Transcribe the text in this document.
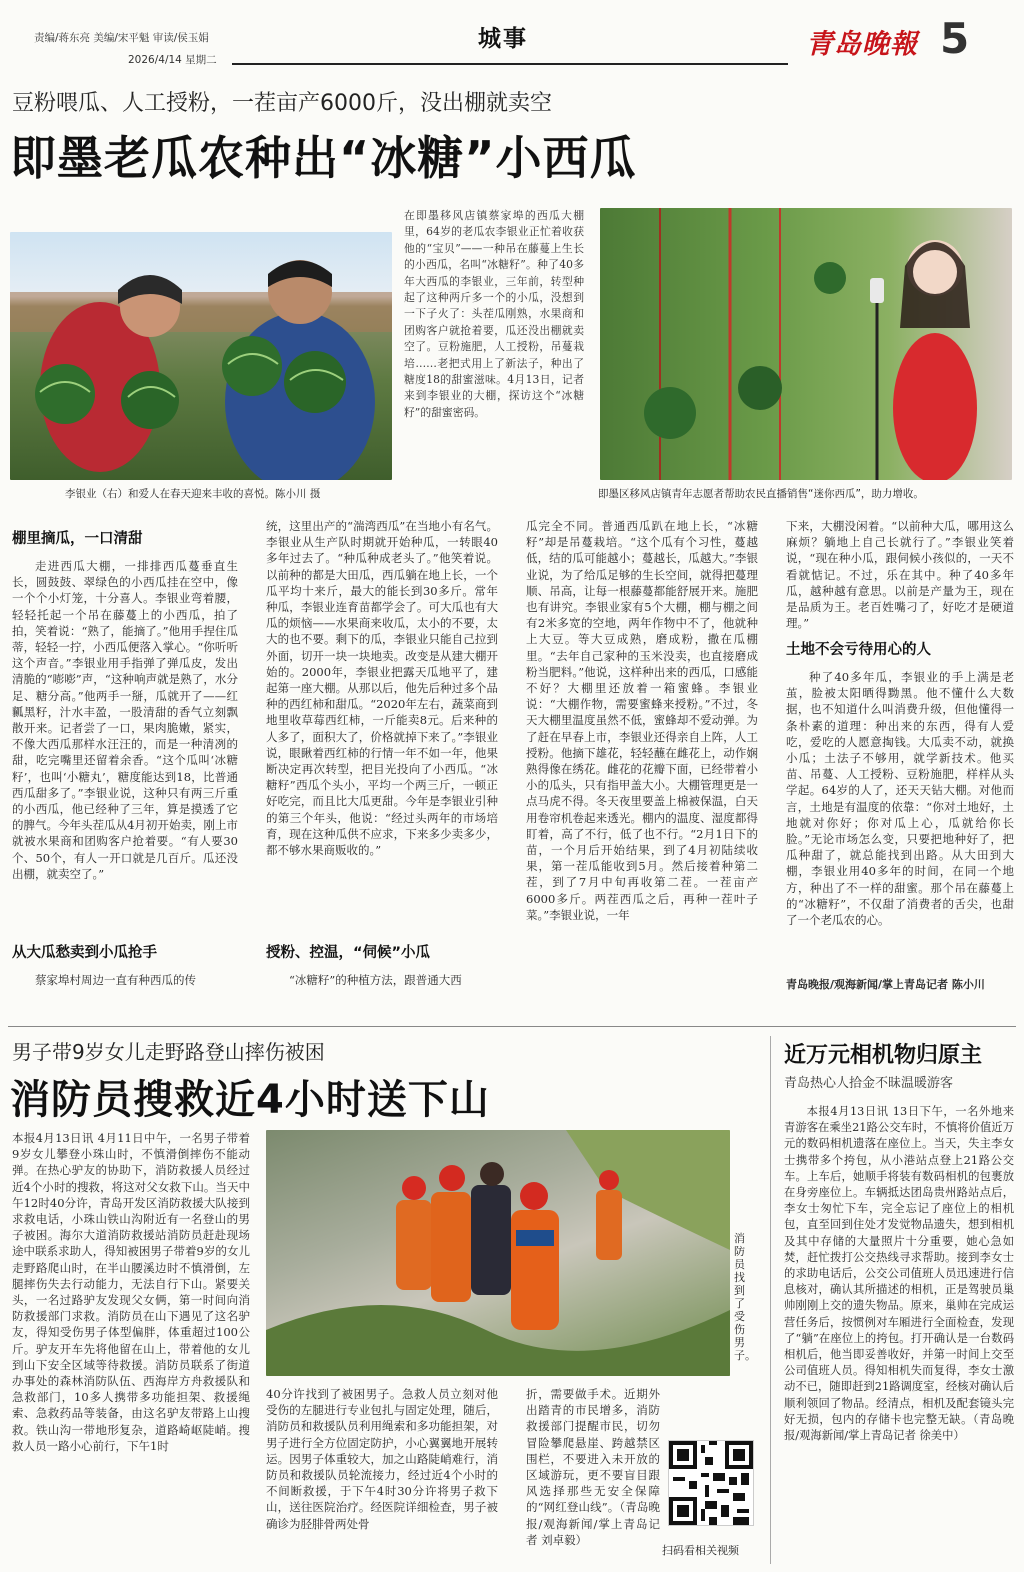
责编/蒋东亮 美编/宋平魁 审读/侯玉娟
2026/4/14 星期二
城事	青岛晚報 5
豆粉喂瓜、人工授粉，一茬亩产6000斤，没出棚就卖空
即墨老瓜农种出“冰糖”小西瓜
李银业（右）和爱人在春天迎来丰收的喜悦。陈小川 摄
在即墨移风店镇蔡家埠的西瓜大棚里，64岁的老瓜农李银业正忙着收获他的“宝贝”——一种吊在藤蔓上生长的小西瓜，名叫“冰糖籽”。种了40多年大西瓜的李银业，三年前，转型种起了这种两斤多一个的小瓜，没想到一下子火了：头茬瓜刚熟，水果商和团购客户就抢着要，瓜还没出棚就卖空了。豆粉施肥，人工授粉，吊蔓栽培……老把式用上了新法子，种出了糖度18的甜蜜滋味。4月13日，记者来到李银业的大棚，探访这个“冰糖籽”的甜蜜密码。
即墨区移风店镇青年志愿者帮助农民直播销售“迷你西瓜”，助力增收。
棚里摘瓜，一口清甜

走进西瓜大棚，一排排西瓜蔓垂直生长，圆鼓鼓、翠绿色的小西瓜挂在空中，像一个个小灯笼，十分喜人。李银业弯着腰，轻轻托起一个吊在藤蔓上的小西瓜，拍了拍，笑着说：“熟了，能摘了。”他用手捏住瓜蒂，轻轻一拧，小西瓜便落入掌心。“你听听这个声音。”李银业用手指弹了弹瓜皮，发出清脆的“嘭嘭”声，“这种响声就是熟了，水分足、糖分高。”他两手一掰，瓜就开了——红瓤黑籽，汁水丰盈，一股清甜的香气立刻飘散开来。记者尝了一口，果肉脆嫩，紧实，不像大西瓜那样水汪汪的，而是一种清冽的甜，吃完嘴里还留着余香。“这个瓜叫‘冰糖籽’，也叫‘小糖丸’，糖度能达到18，比普通西瓜甜多了。”李银业说，这种只有两三斤重的小西瓜，他已经种了三年，算是摸透了它的脾气。今年头茬瓜从4月初开始卖，刚上市就被水果商和团购客户抢着要。“有人要30个、50个，有人一开口就是几百斤。瓜还没出棚，就卖空了。”

从大瓜愁卖到小瓜抢手

蔡家埠村周边一直有种西瓜的传

统，这里出产的“湍湾西瓜”在当地小有名气。李银业从生产队时期就开始种瓜，一转眼40多年过去了。“种瓜种成老头了。”他笑着说。以前种的都是大田瓜，西瓜躺在地上长，一个瓜平均十来斤，最大的能长到30多斤。常年种瓜，李银业连育苗都学会了。可大瓜也有大瓜的烦恼——水果商来收瓜，太小的不要，太大的也不要。剩下的瓜，李银业只能自己拉到外面，切开一块一块地卖。改变是从建大棚开始的。2000年，李银业把露天瓜地平了，建起第一座大棚。从那以后，他先后种过多个品种的西红柿和甜瓜。“2020年左右，蔬菜商到地里收草莓西红柿，一斤能卖8元。后来种的人多了，面积大了，价格就掉下来了。”李银业说，眼瞅着西红柿的行情一年不如一年，他果断决定再次转型，把目光投向了小西瓜。“冰糖籽”西瓜个头小，平均一个两三斤，一顿正好吃完，而且比大瓜更甜。今年是李银业引种的第三个年头，他说：“经过头两年的市场培育，现在这种瓜供不应求，下来多少卖多少，都不够水果商贩收的。”

授粉、控温，“伺候”小瓜

“冰糖籽”的种植方法，跟普通大西

瓜完全不同。普通西瓜趴在地上长，“冰糖籽”却是吊蔓栽培。“这个瓜有个习性，蔓越低，结的瓜可能越小；蔓越长，瓜越大。”李银业说，为了给瓜足够的生长空间，就得把蔓理顺、吊高，让每一根藤蔓都能舒展开来。施肥也有讲究。李银业家有5个大棚，棚与棚之间有2米多宽的空地，两年作物中不了，他就种上大豆。等大豆成熟，磨成粉，撒在瓜棚里。“去年自己家种的玉米没卖，也直接磨成粉当肥料。”他说，这样种出来的西瓜，口感能不好？大棚里还放着一箱蜜蜂。李银业说：“大棚作物，需要蜜蜂来授粉。”不过，冬天大棚里温度虽然不低，蜜蜂却不爱动弹。为了赶在早春上市，李银业还得亲自上阵，人工授粉。他摘下雄花，轻轻蘸在雌花上，动作娴熟得像在绣花。雌花的花瓣下面，已经带着小小的瓜头，只有指甲盖大小。大棚管理更是一点马虎不得。冬天夜里要盖上棉被保温，白天用卷帘机卷起来透光。棚内的温度、湿度都得盯着，高了不行，低了也不行。“2月1日下的苗，一个月后开始结果，到了4月初陆续收果，第一茬瓜能收到5月。然后接着种第二茬，到了7月中旬再收第二茬。一茬亩产6000多斤。两茬西瓜之后，再种一茬叶子菜。”李银业说，一年

下来，大棚没闲着。“以前种大瓜，哪用这么麻烦？躺地上自己长就行了。”李银业笑着说，“现在种小瓜，跟伺候小孩似的，一天不看就惦记。不过，乐在其中。种了40多年瓜，越种越有意思。以前是产量为王，现在是品质为王。老百姓嘴刁了，好吃才是硬道理。”

土地不会亏待用心的人

种了40多年瓜，李银业的手上满是老茧，脸被太阳晒得黝黑。他不懂什么大数据，也不知道什么叫消费升级，但他懂得一条朴素的道理：种出来的东西，得有人爱吃，爱吃的人愿意掏钱。大瓜卖不动，就换小瓜；土法子不够用，就学新技术。他买苗、吊蔓、人工授粉、豆粉施肥，样样从头学起。64岁的人了，还天天钻大棚。对他而言，土地是有温度的依靠：“你对土地好，土地就对你好；你对瓜上心，瓜就给你长脸。”无论市场怎么变，只要把地种好了，把瓜种甜了，就总能找到出路。从大田到大棚，李银业用40多年的时间，在同一个地方，种出了不一样的甜蜜。那个吊在藤蔓上的“冰糖籽”，不仅甜了消费者的舌尖，也甜了一个老瓜农的心。

青岛晚报/观海新闻/掌上青岛记者 陈小川

男子带9岁女儿走野路登山摔伤被困
消防员搜救近4小时送下山
本报4月13日讯 4月11日中午，一名男子带着9岁女儿攀登小珠山时，不慎滑倒摔伤不能动弹。在热心驴友的协助下，消防救援人员经过近4个小时的搜救，将这对父女救下山。当天中午12时40分许，青岛开发区消防救援大队接到求救电话，小珠山铁山沟附近有一名登山的男子被困。海尔大道消防救援站消防员赶赴现场途中联系求助人，得知被困男子带着9岁的女儿走野路爬山时，在半山腰溪边时不慎滑倒，左腿摔伤失去行动能力，无法自行下山。紧要关头，一名过路驴友发现父女俩，第一时间向消防救援部门求救。消防员在山下遇见了这名驴友，得知受伤男子体型偏胖，体重超过100公斤。驴友开车先将他留在山上，带着他的女儿到山下安全区域等待救援。消防员联系了街道办事处的森林消防队伍、西海岸方舟救援队和急救部门，10多人携带多功能担架、救援绳索、急救药品等装备，由这名驴友带路上山搜救。铁山沟一带地形复杂，道路崎岖陡峭。搜救人员一路小心前行，下午1时
消防员找到了受伤男子。
40分许找到了被困男子。急救人员立刻对他受伤的左腿进行专业包扎与固定处理，随后，消防员和救援队员利用绳索和多功能担架，对男子进行全方位固定防护，小心翼翼地开展转运。因男子体重较大，加之山路陡峭难行，消防员和救援队员轮流接力，经过近4个小时的不间断救援，于下午4时30分许将男子救下山，送往医院治疗。经医院详细检查，男子被确诊为胫腓骨两处骨
折，需要做手术。近期外出踏青的市民增多，消防救援部门提醒市民，切勿冒险攀爬悬崖、跨越禁区围栏，不要进入未开放的区域游玩，更不要盲目跟风选择那些无安全保障的“网红登山线”。（青岛晚报/观海新闻/掌上青岛记者 刘卓毅）
扫码看相关视频
近万元相机物归原主
青岛热心人拾金不昧温暖游客
本报4月13日讯 13日下午，一名外地来青游客在乘坐21路公交车时，不慎将价值近万元的数码相机遗落在座位上。当天，失主李女士携带多个挎包，从小港站点登上21路公交车。上车后，她顺手将装有数码相机的包裹放在身旁座位上。车辆抵达团岛贵州路站点后，李女士匆忙下车，完全忘记了座位上的相机包，直至回到住处才发觉物品遗失，想到相机及其中存储的大量照片十分重要，她心急如焚，赶忙拨打公交热线寻求帮助。接到李女士的求助电话后，公交公司值班人员迅速进行信息核对，确认其所描述的相机，正是驾驶员巢帅刚刚上交的遗失物品。原来，巢帅在完成运营任务后，按惯例对车厢进行全面检查，发现了“躺”在座位上的挎包。打开确认是一台数码相机后，他当即妥善收好，并第一时间上交至公司值班人员。得知相机失而复得，李女士激动不已，随即赶到21路调度室，经核对确认后顺利领回了物品。经清点，相机及配套镜头完好无损，包内的存储卡也完整无缺。（青岛晚报/观海新闻/掌上青岛记者 徐美中）
